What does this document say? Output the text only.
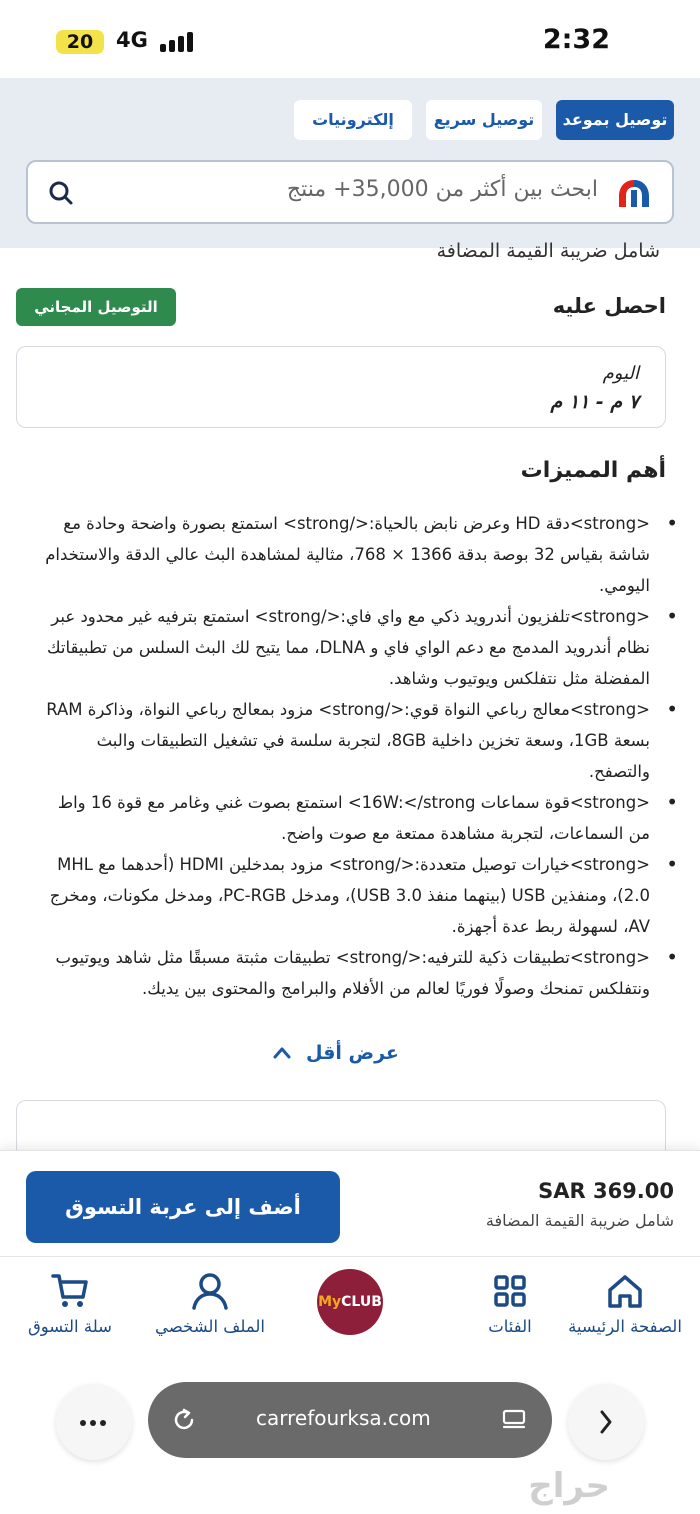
20	4G	2:32
توصيل بموعد
توصيل سريع
إلكترونيات
ابحث بين أكثر من 35,000+ منتج
شامل ضريبة القيمة المضافة
احصل عليه
التوصيل المجاني
اليوم
٧ م - ١١ م
أهم المميزات
• <strong>دقة HD وعرض نابض بالحياة:</strong> استمتع بصورة واضحة وحادة مع شاشة بقياس 32 بوصة بدقة 1366 × 768، مثالية لمشاهدة البث عالي الدقة والاستخدام اليومي.
• <strong>تلفزيون أندرويد ذكي مع واي فاي:</strong> استمتع بترفيه غير محدود عبر نظام أندرويد المدمج مع دعم الواي فاي و DLNA، مما يتيح لك البث السلس من تطبيقاتك المفضلة مثل نتفلكس ويوتيوب وشاهد.
• <strong>معالج رباعي النواة قوي:</strong> مزود بمعالج رباعي النواة، وذاكرة RAM بسعة 1GB، وسعة تخزين داخلية 8GB، لتجربة سلسة في تشغيل التطبيقات والبث والتصفح.
• <strong>قوة سماعات 16W:</strong> استمتع بصوت غني وغامر مع قوة 16 واط من السماعات، لتجربة مشاهدة ممتعة مع صوت واضح.
• <strong>خيارات توصيل متعددة:</strong> مزود بمدخلين HDMI (أحدهما مع MHL 2.0)، ومنفذين USB (بينهما منفذ USB 3.0)، ومدخل PC-RGB، ومدخل مكونات، ومخرج AV، لسهولة ربط عدة أجهزة.
• <strong>تطبيقات ذكية للترفيه:</strong> تطبيقات مثبتة مسبقًا مثل شاهد ويوتيوب ونتفلكس تمنحك وصولًا فوريًا لعالم من الأفلام والبرامج والمحتوى بين يديك.
عرض أقل
أضف إلى عربة التسوق
SAR 369.00
شامل ضريبة القيمة المضافة
الصفحة الرئيسية
الفئات
MyCLUB
الملف الشخصي
سلة التسوق
carrefourksa.com
حراج
